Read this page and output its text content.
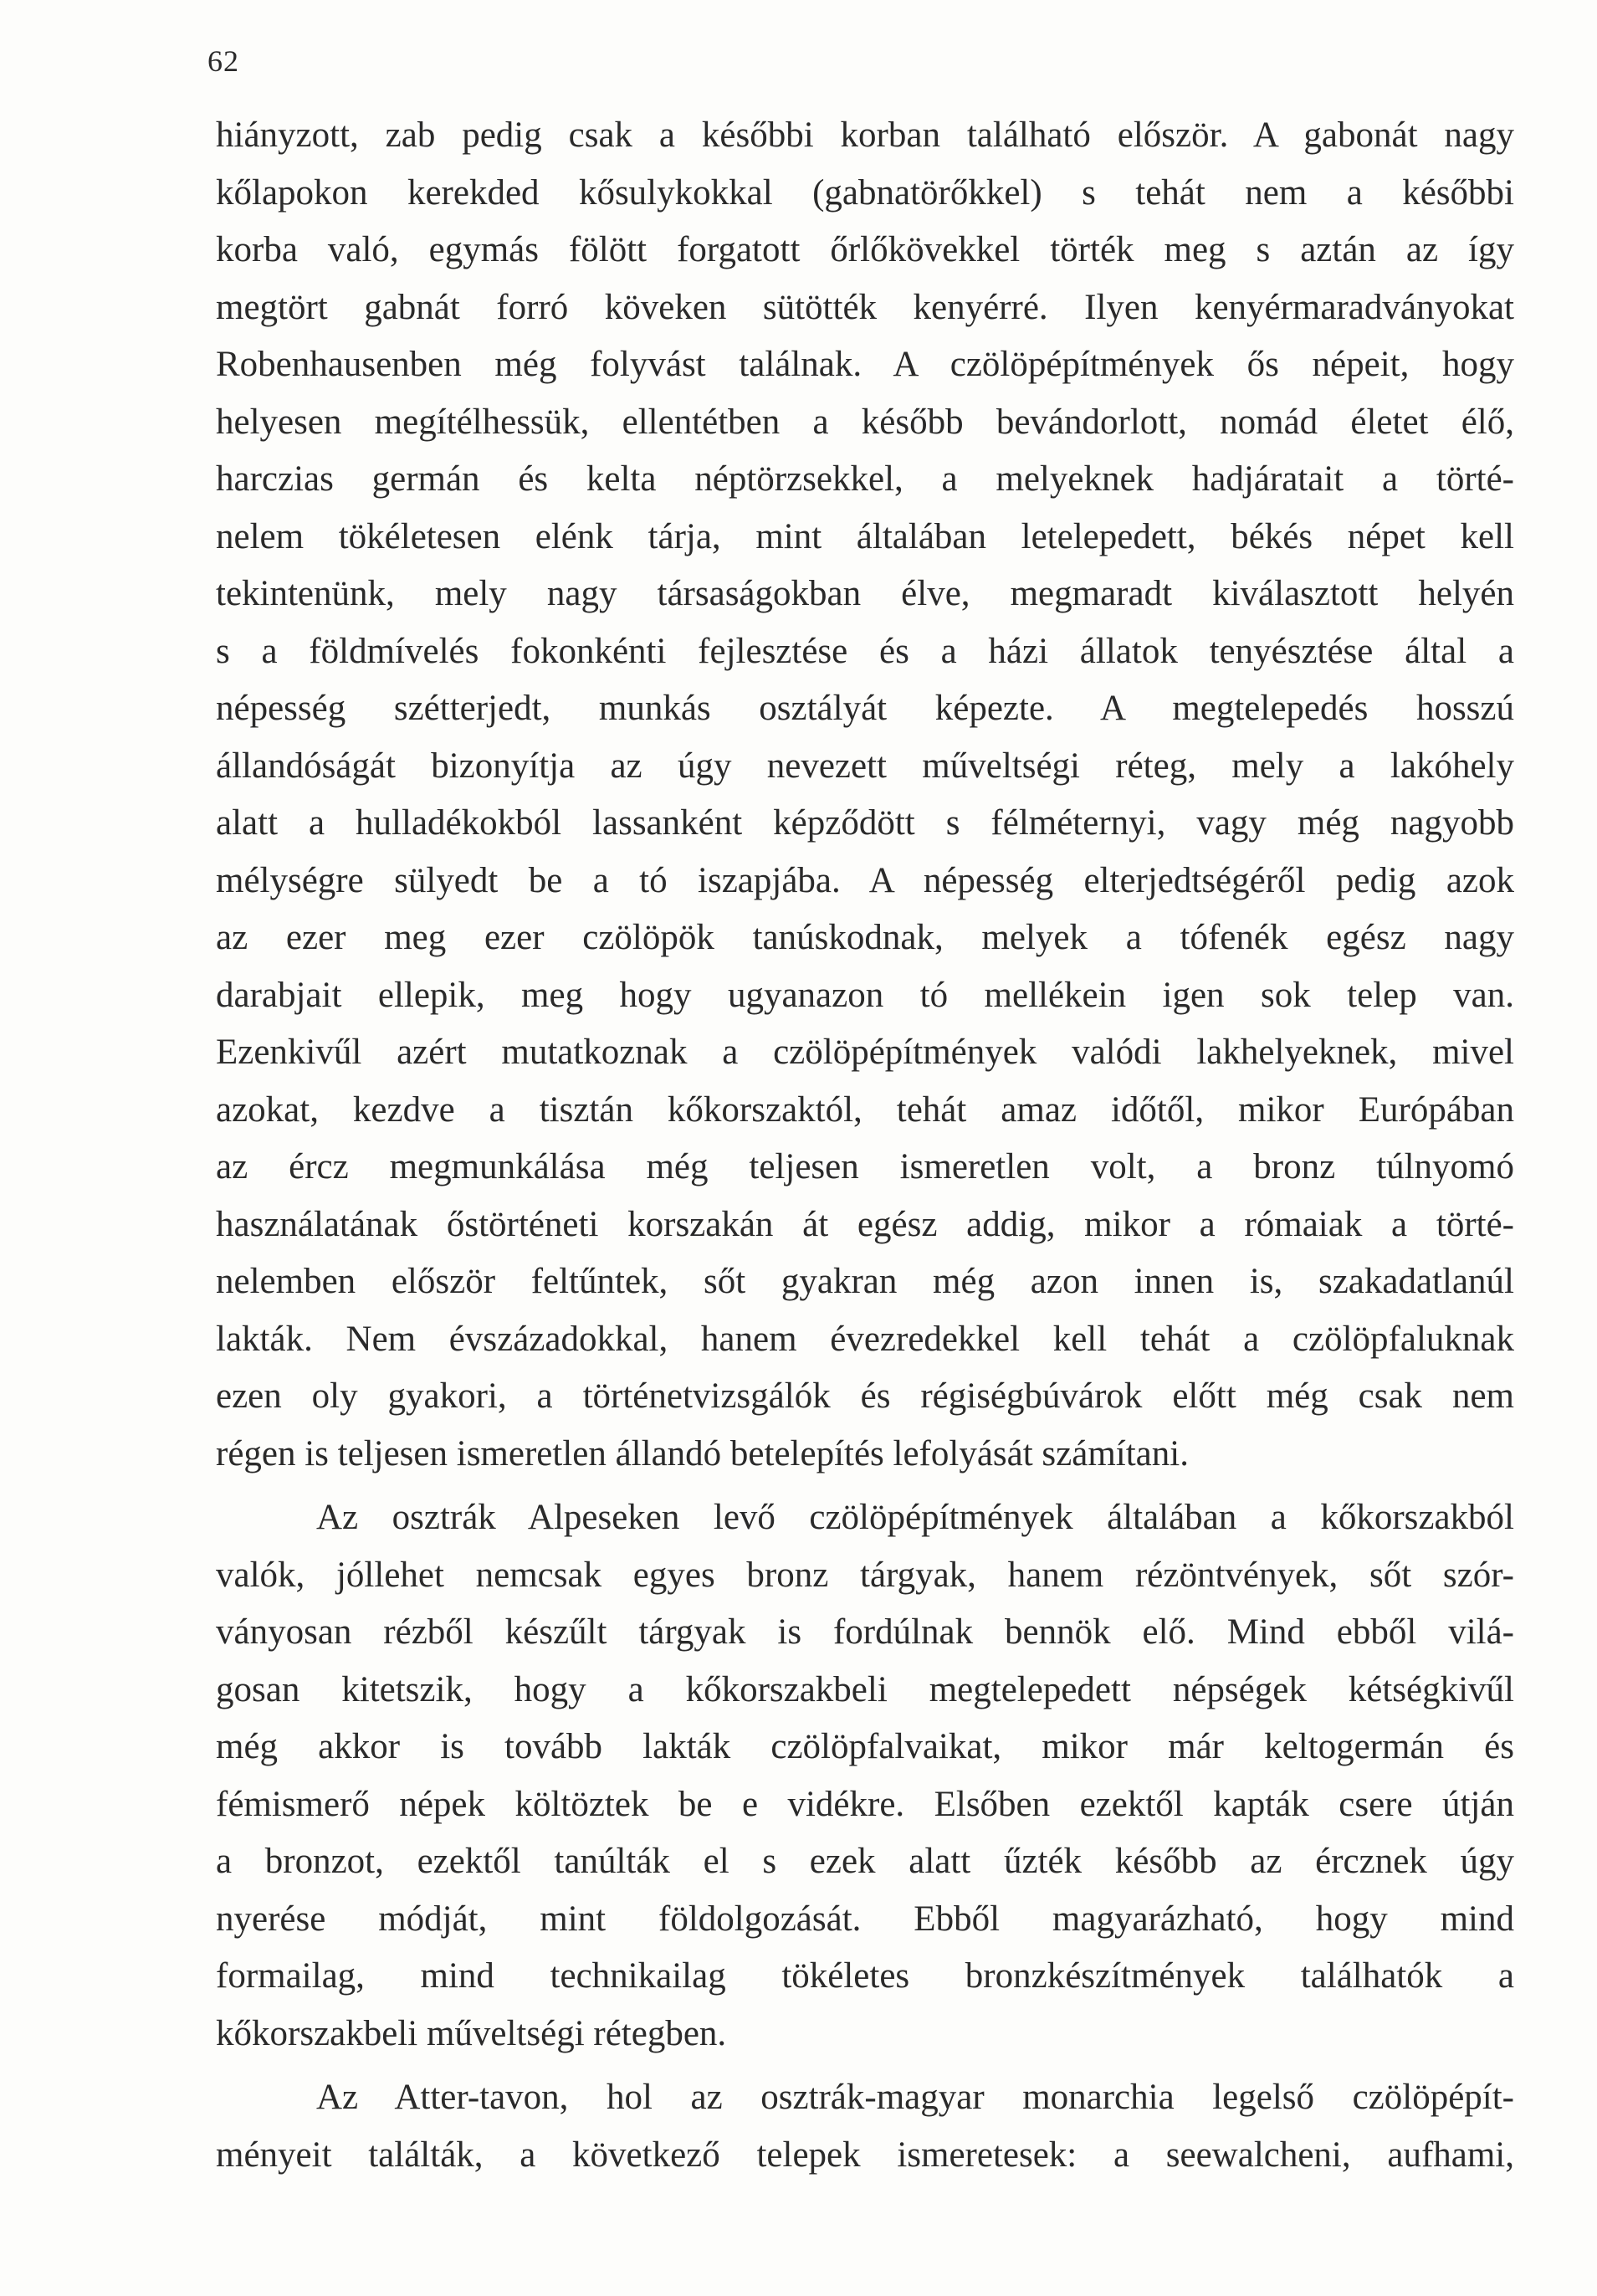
62
hiányzott, zab pedig csak a későbbi korban található először. A gabonát nagy
kőlapokon kerekded kősulykokkal (gabnatörőkkel) s tehát nem a későbbi
korba való, egymás fölött forgatott őrlőkövekkel törték meg s aztán az így
megtört gabnát forró köveken sütötték kenyérré. Ilyen kenyérmaradványokat
Robenhausenben még folyvást találnak. A czölöpépítmények ős népeit, hogy
helyesen megítélhessük, ellentétben a később bevándorlott, nomád életet élő,
harczias germán és kelta néptörzsekkel, a melyeknek hadjáratait a törté-
nelem tökéletesen elénk tárja, mint általában letelepedett, békés népet kell
tekintenünk, mely nagy társaságokban élve, megmaradt kiválasztott helyén
s a földmívelés fokonkénti fejlesztése és a házi állatok tenyésztése által a
népesség szétterjedt, munkás osztályát képezte. A megtelepedés hosszú
állandóságát bizonyítja az úgy nevezett műveltségi réteg, mely a lakóhely
alatt a hulladékokból lassanként képződött s félméternyi, vagy még nagyobb
mélységre sülyedt be a tó iszapjába. A népesség elterjedtségéről pedig azok
az ezer meg ezer czölöpök tanúskodnak, melyek a tófenék egész nagy
darabjait ellepik, meg hogy ugyanazon tó mellékein igen sok telep van.
Ezenkivűl azért mutatkoznak a czölöpépítmények valódi lakhelyeknek, mivel
azokat, kezdve a tisztán kőkorszaktól, tehát amaz időtől, mikor Európában
az ércz megmunkálása még teljesen ismeretlen volt, a bronz túlnyomó
használatának őstörténeti korszakán át egész addig, mikor a rómaiak a törté-
nelemben először feltűntek, sőt gyakran még azon innen is, szakadatlanúl
lakták. Nem évszázadokkal, hanem évezredekkel kell tehát a czölöpfaluknak
ezen oly gyakori, a történetvizsgálók és régiségbúvárok előtt még csak nem
régen is teljesen ismeretlen állandó betelepítés lefolyását számítani.
Az osztrák Alpeseken levő czölöpépítmények általában a kőkorszakból
valók, jóllehet nemcsak egyes bronz tárgyak, hanem rézöntvények, sőt szór-
ványosan rézből készűlt tárgyak is fordúlnak bennök elő. Mind ebből vilá-
gosan kitetszik, hogy a kőkorszakbeli megtelepedett népségek kétségkivűl
még akkor is tovább lakták czölöpfalvaikat, mikor már keltogermán és
fémismerő népek költöztek be e vidékre. Elsőben ezektől kapták csere útján
a bronzot, ezektől tanúlták el s ezek alatt űzték később az ércznek úgy
nyerése módját, mint földolgozását. Ebből magyarázható, hogy mind
formailag, mind technikailag tökéletes bronzkészítmények találhatók a
kőkorszakbeli műveltségi rétegben.
Az Atter-tavon, hol az osztrák-magyar monarchia legelső czölöpépít-
ményeit találták, a következő telepek ismeretesek: a seewalcheni, aufhami,
